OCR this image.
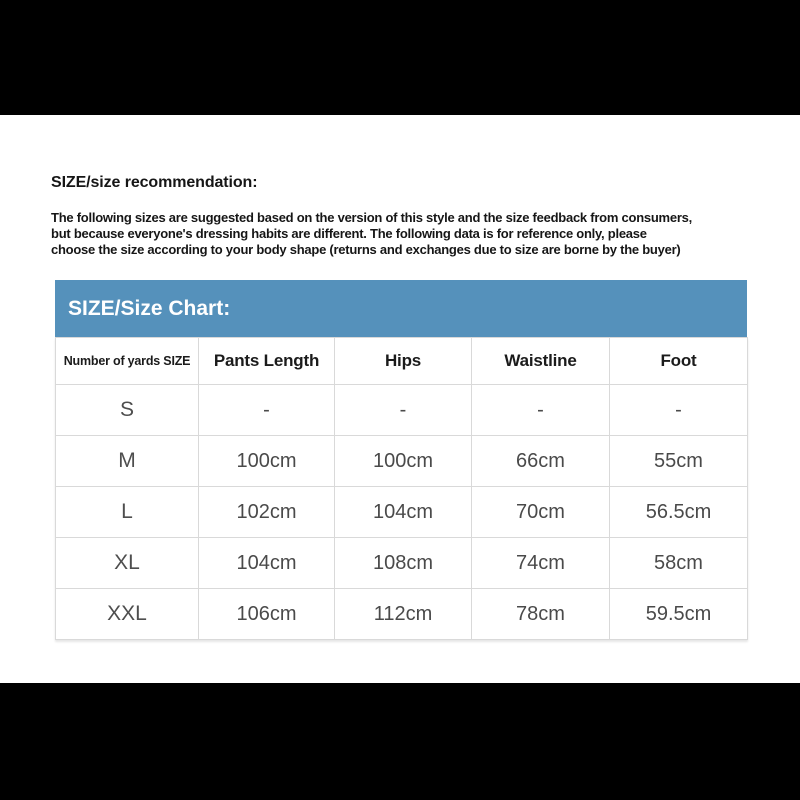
SIZE/size recommendation:
The following sizes are suggested based on the version of this style and the size feedback from consumers,
but because everyone's dressing habits are different. The following data is for reference only, please
choose the size according to your body shape (returns and exchanges due to size are borne by the buyer)
SIZE/Size Chart:
Number of yards SIZE	Pants Length	Hips	Waistline	Foot
S	-	-	-	-
M	100cm	100cm	66cm	55cm
L	102cm	104cm	70cm	56.5cm
XL	104cm	108cm	74cm	58cm
XXL	106cm	112cm	78cm	59.5cm
